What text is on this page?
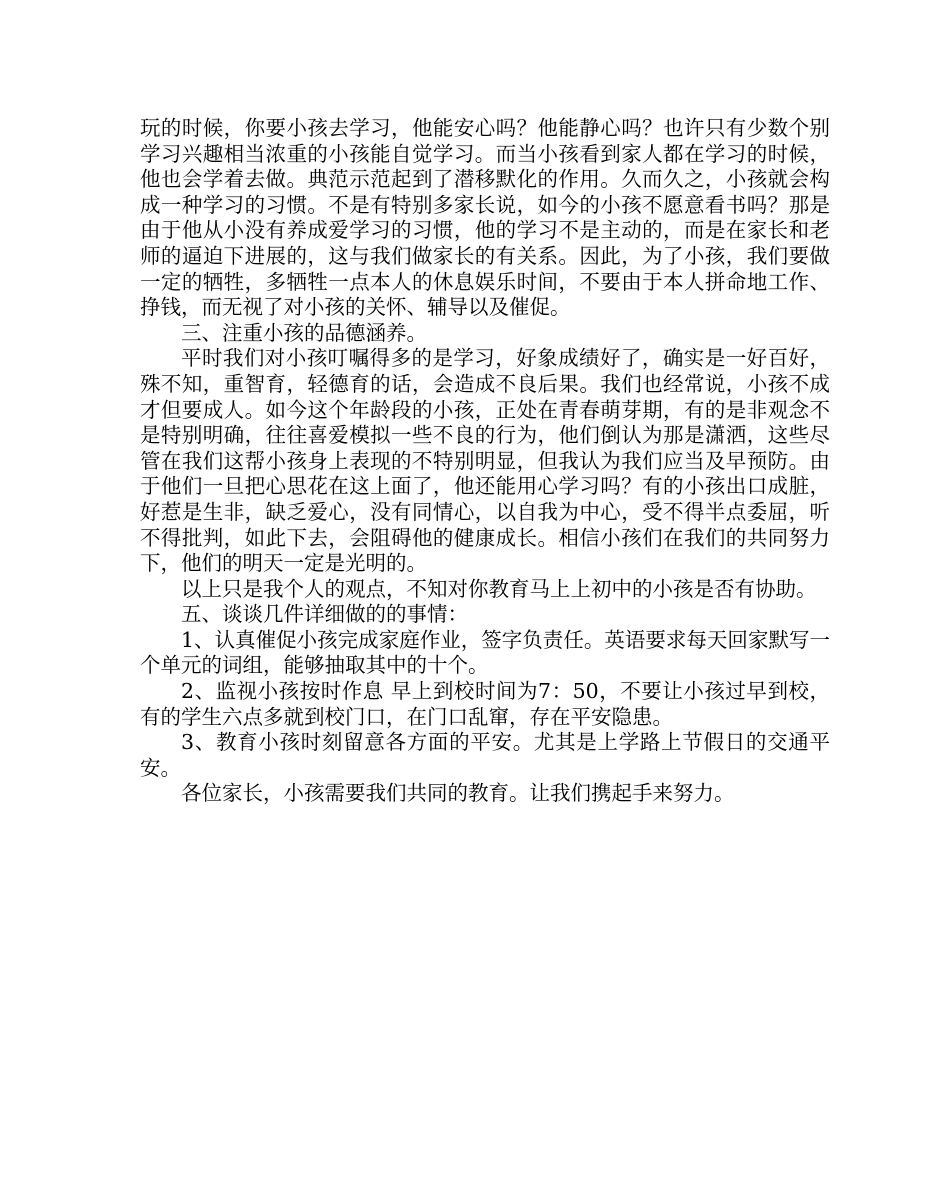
玩的时候，你要小孩去学习，他能安心吗？他能静心吗？也许只有少数个别学习兴趣相当浓重的小孩能自觉学习。而当小孩看到家人都在学习的时候，他也会学着去做。典范示范起到了潜移默化的作用。久而久之，小孩就会构成一种学习的习惯。不是有特别多家长说，如今的小孩不愿意看书吗？那是由于他从小没有养成爱学习的习惯，他的学习不是主动的，而是在家长和老师的逼迫下进展的，这与我们做家长的有关系。因此，为了小孩，我们要做一定的牺牲，多牺牲一点本人的休息娱乐时间，不要由于本人拼命地工作、挣钱，而无视了对小孩的关怀、辅导以及催促。

三、注重小孩的品德涵养。

平时我们对小孩叮嘱得多的是学习，好象成绩好了，确实是一好百好，殊不知，重智育，轻德育的话，会造成不良后果。我们也经常说，小孩不成才但要成人。如今这个年龄段的小孩，正处在青春萌芽期，有的是非观念不是特别明确，往往喜爱模拟一些不良的行为，他们倒认为那是潇洒，这些尽管在我们这帮小孩身上表现的不特别明显，但我认为我们应当及早预防。由于他们一旦把心思花在这上面了，他还能用心学习吗？有的小孩出口成脏，好惹是生非，缺乏爱心，没有同情心，以自我为中心，受不得半点委屈，听不得批判，如此下去，会阻碍他的健康成长。相信小孩们在我们的共同努力下，他们的明天一定是光明的。

以上只是我个人的观点，不知对你教育马上上初中的小孩是否有协助。

五、谈谈几件详细做的的事情：

1、认真催促小孩完成家庭作业，签字负责任。英语要求每天回家默写一个单元的词组，能够抽取其中的十个。

2、监视小孩按时作息 早上到校时间为7：50，不要让小孩过早到校，有的学生六点多就到校门口，在门口乱窜，存在平安隐患。

3、教育小孩时刻留意各方面的平安。尤其是上学路上节假日的交通平安。

各位家长，小孩需要我们共同的教育。让我们携起手来努力。
